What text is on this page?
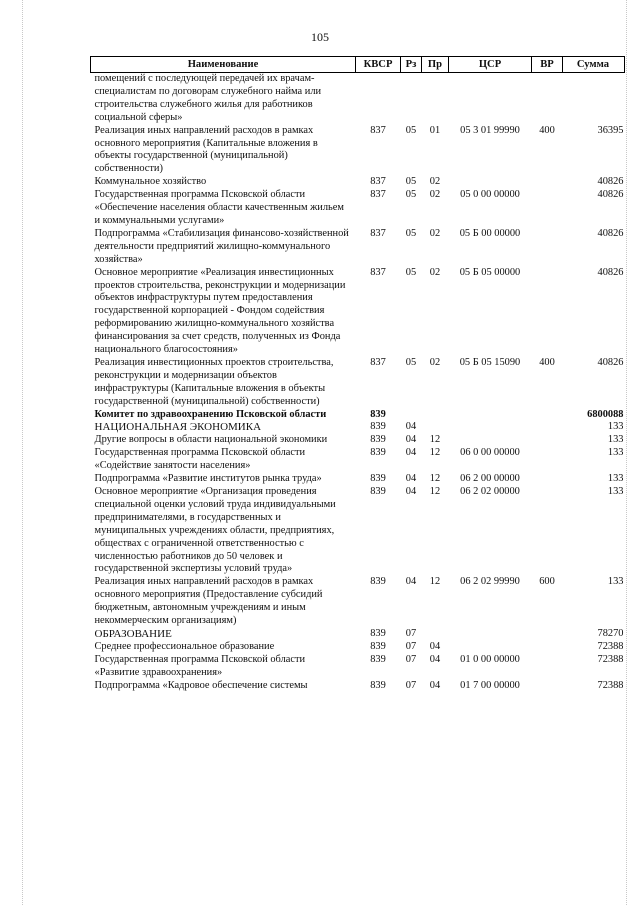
105
Наименование	КВСР	Рз	Пр	ЦСР	ВР	Сумма
помещений с последующей передачей их врачам-специалистам по договорам служебного найма или строительства служебного жилья для работников социальной сферы»						
Реализация иных направлений расходов в рамках основного мероприятия (Капитальные вложения в объекты государственной (муниципальной) собственности)	837	05	01	05 3 01 99990	400	36395
Коммунальное хозяйство	837	05	02			40826
Государственная программа Псковской области «Обеспечение населения области качественным жильем и коммунальными услугами»	837	05	02	05 0 00 00000		40826
Подпрограмма «Стабилизация финансово-хозяйственной деятельности предприятий жилищно-коммунального хозяйства»	837	05	02	05 Б 00 00000		40826
Основное мероприятие «Реализация инвестиционных проектов строительства, реконструкции и модернизации объектов инфраструктуры путем предоставления государственной корпорацией - Фондом содействия реформированию жилищно-коммунального хозяйства финансирования за счет средств, полученных из Фонда национального благосостояния»	837	05	02	05 Б 05 00000		40826
Реализация инвестиционных проектов строительства, реконструкции и модернизации объектов инфраструктуры (Капитальные вложения в объекты государственной (муниципальной) собственности)	837	05	02	05 Б 05 15090	400	40826
Комитет по здравоохранению Псковской области	839					6800088
НАЦИОНАЛЬНАЯ ЭКОНОМИКА	839	04				133
Другие вопросы в области национальной экономики	839	04	12			133
Государственная программа Псковской области «Содействие занятости населения»	839	04	12	06 0 00 00000		133
Подпрограмма «Развитие институтов рынка труда»	839	04	12	06 2 00 00000		133
Основное мероприятие «Организация проведения специальной оценки условий труда индивидуальными предпринимателями, в государственных и муниципальных учреждениях области, предприятиях, обществах с ограниченной ответственностью с численностью работников до 50 человек и государственной экспертизы условий труда»	839	04	12	06 2 02 00000		133
Реализация иных направлений расходов в рамках основного мероприятия (Предоставление субсидий бюджетным, автономным учреждениям и иным некоммерческим организациям)	839	04	12	06 2 02 99990	600	133
ОБРАЗОВАНИЕ	839	07				78270
Среднее профессиональное образование	839	07	04			72388
Государственная программа Псковской области «Развитие здравоохранения»	839	07	04	01 0 00 00000		72388
Подпрограмма «Кадровое обеспечение системы	839	07	04	01 7 00 00000		72388
